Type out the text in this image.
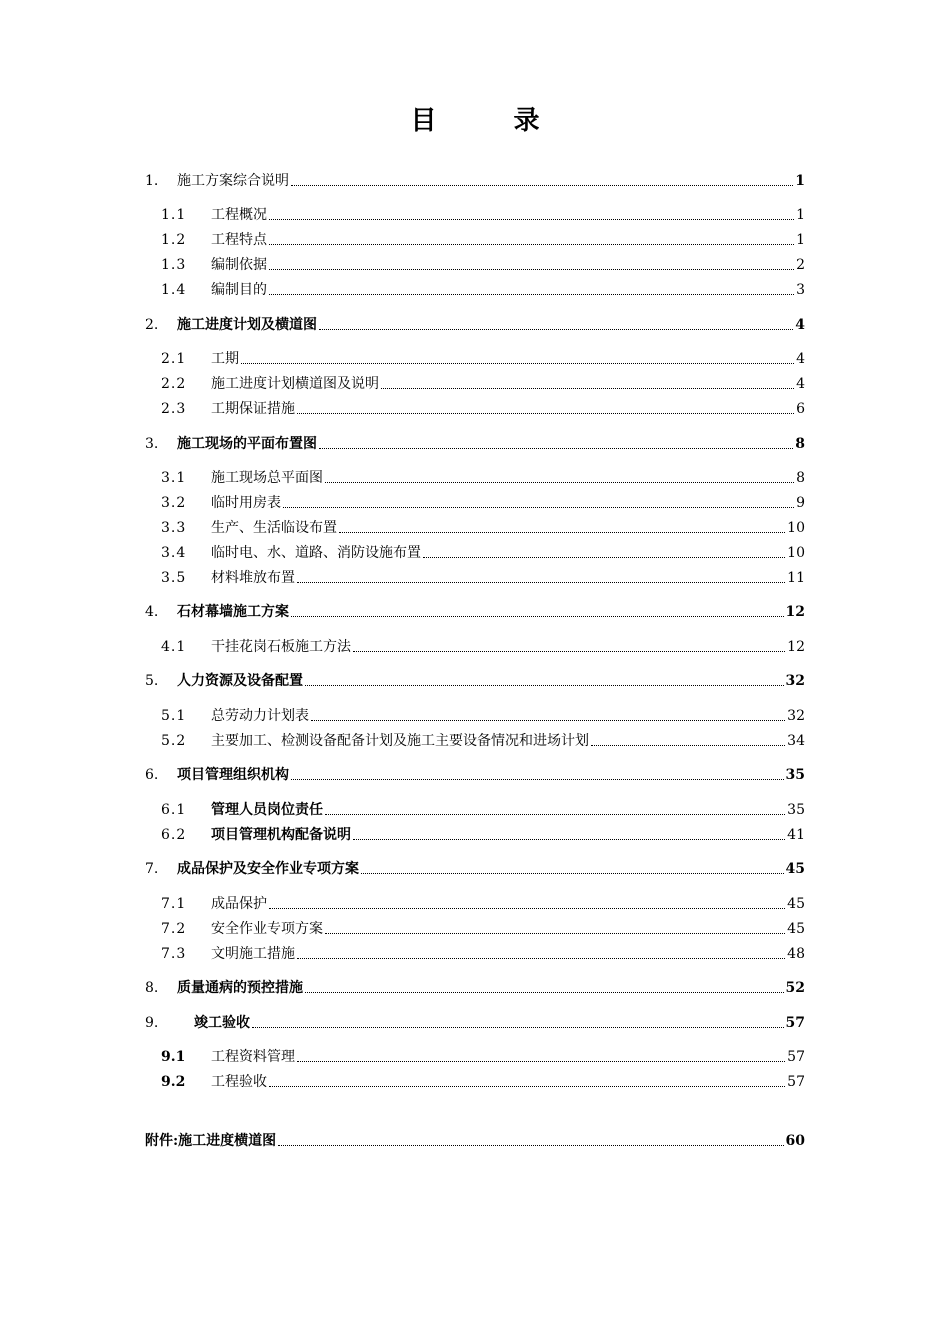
目 录
1. 施工方案综合说明	1
1.1 工程概况	1
1.2 工程特点	1
1.3 编制依据	2
1.4 编制目的	3
2. 施工进度计划及横道图	4
2.1 工期	4
2.2 施工进度计划横道图及说明	4
2.3 工期保证措施	6
3. 施工现场的平面布置图	8
3.1 施工现场总平面图	8
3.2 临时用房表	9
3.3 生产、生活临设布置	10
3.4 临时电、水、道路、消防设施布置	10
3.5 材料堆放布置	11
4. 石材幕墙施工方案	12
4.1 干挂花岗石板施工方法	12
5. 人力资源及设备配置	32
5.1 总劳动力计划表	32
5.2 主要加工、检测设备配备计划及施工主要设备情况和进场计划	34
6. 项目管理组织机构	35
6.1 管理人员岗位责任	35
6.2 项目管理机构配备说明	41
7. 成品保护及安全作业专项方案	45
7.1 成品保护	45
7.2 安全作业专项方案	45
7.3 文明施工措施	48
8. 质量通病的预控措施	52
9.	竣工验收	57
9.1 工程资料管理	57
9.2 工程验收	57
附件:施工进度横道图	60
